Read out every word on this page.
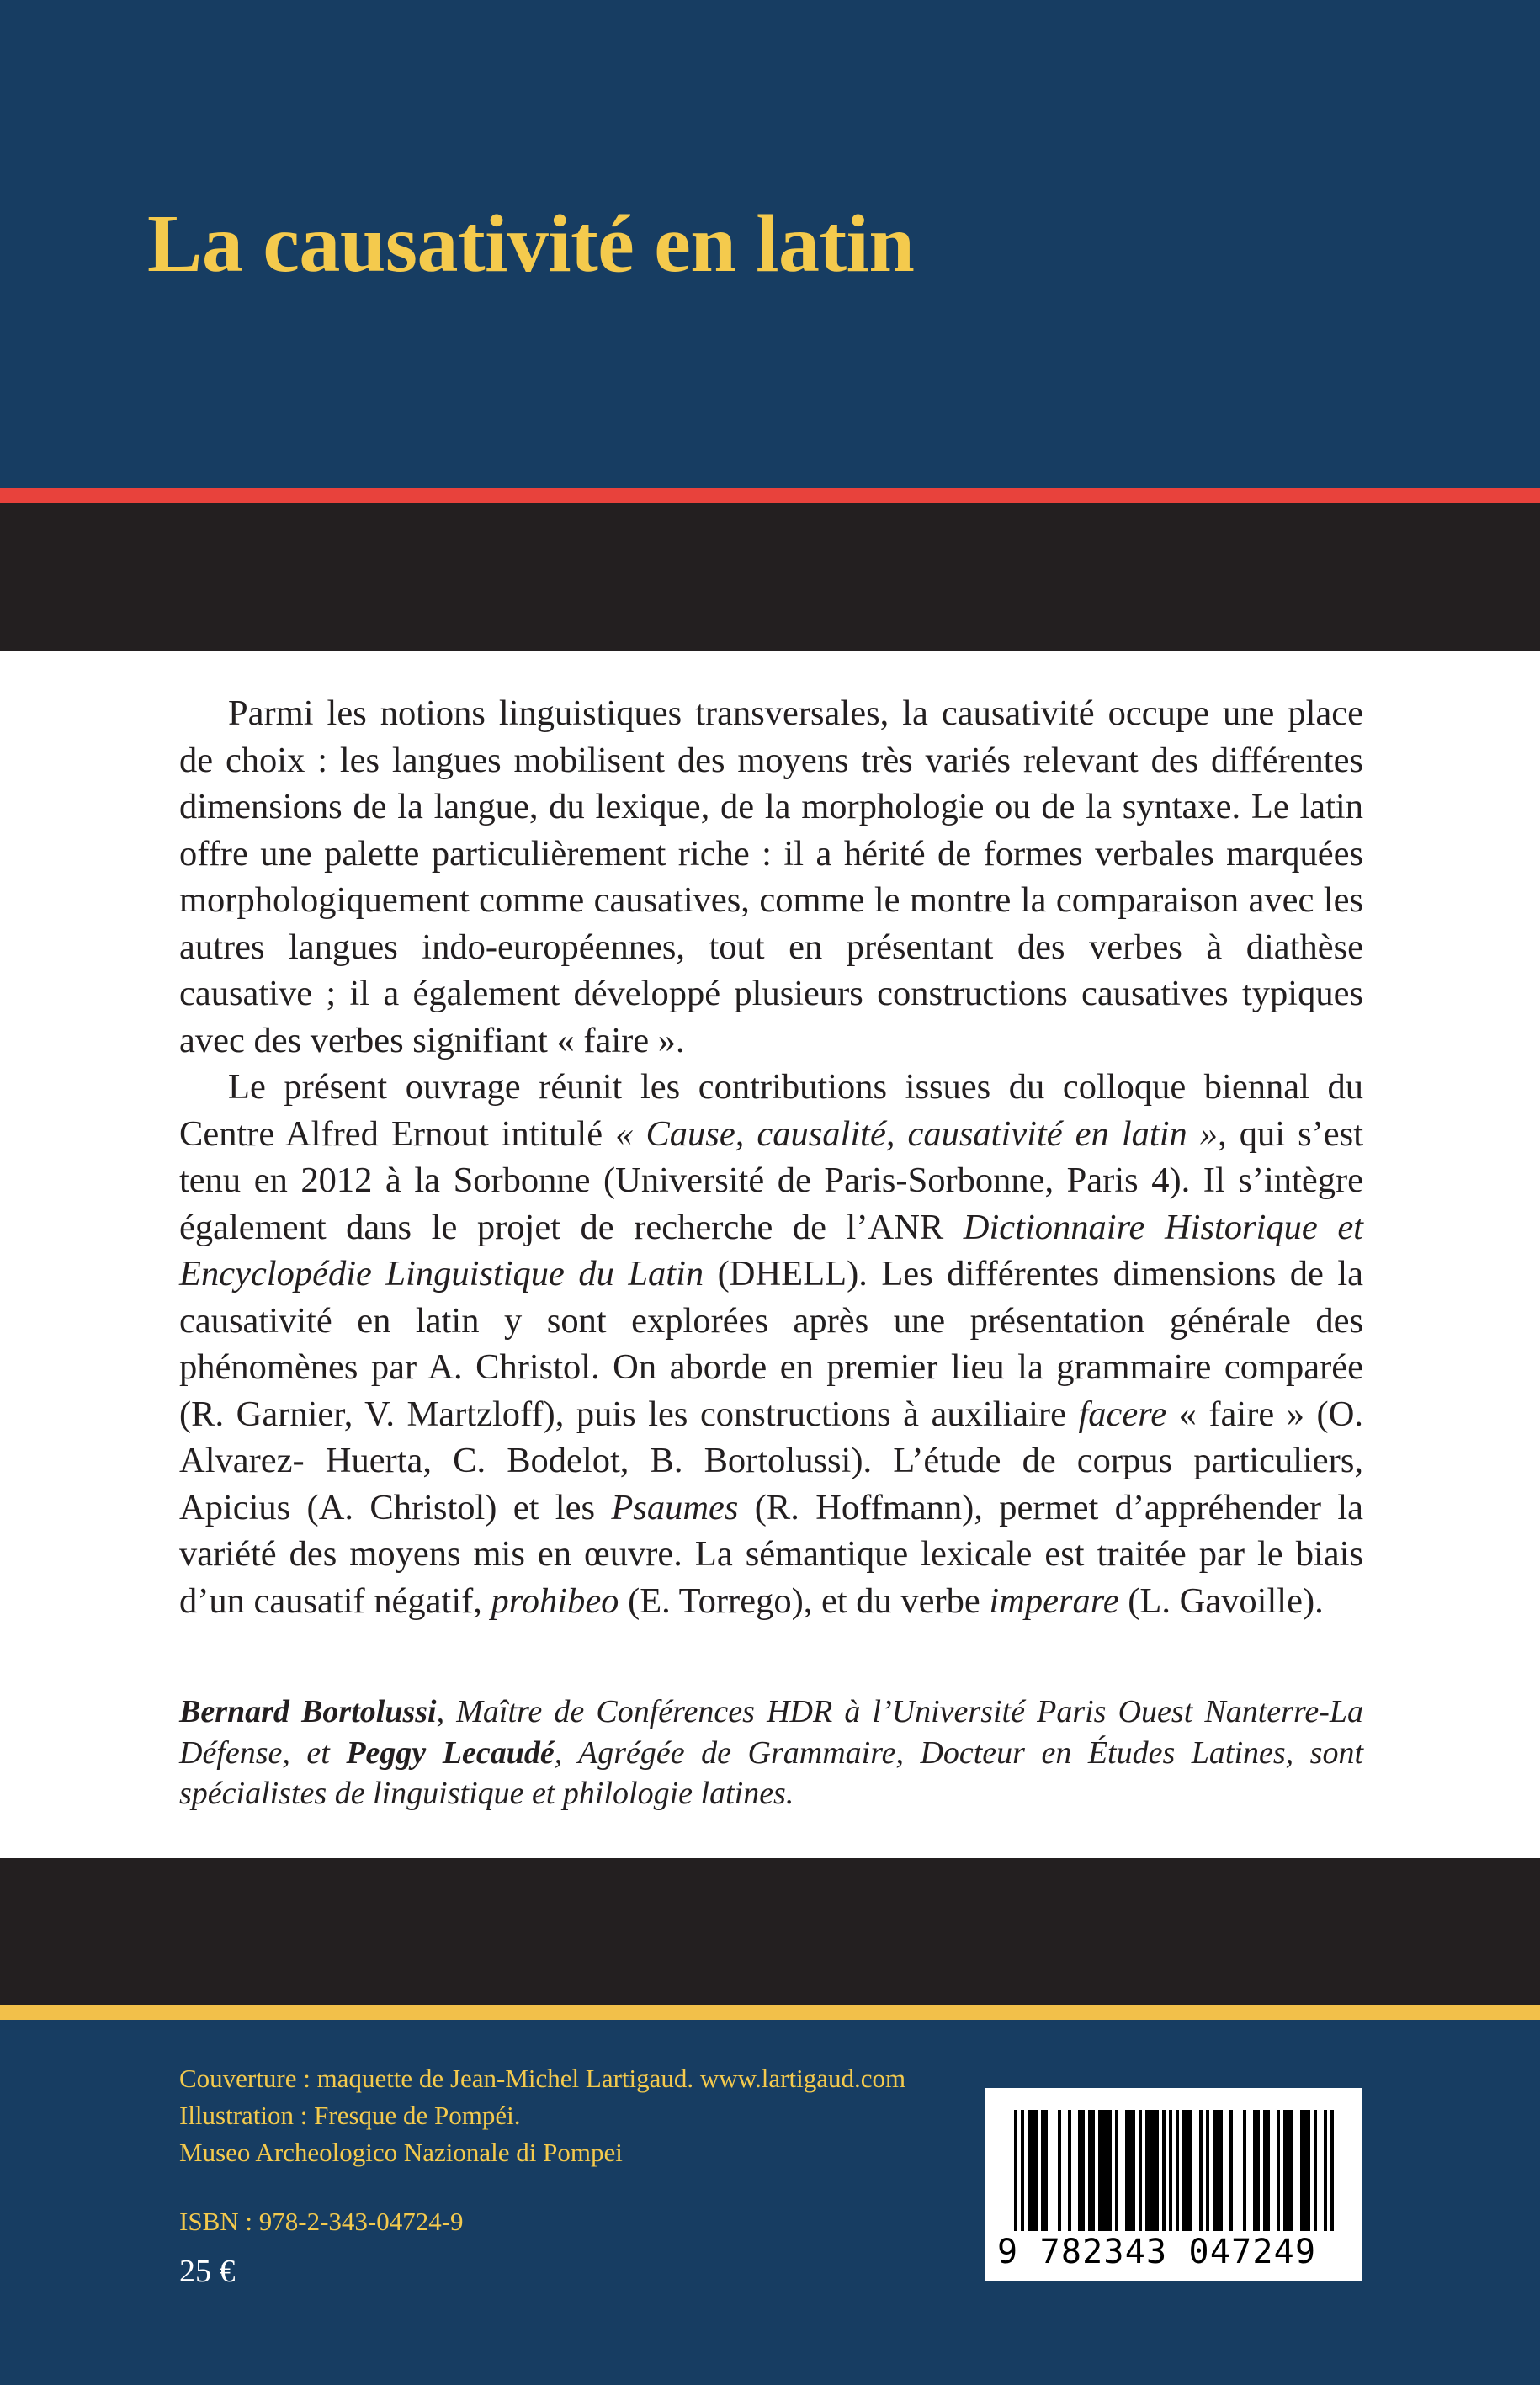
La causativité en latin

Parmi les notions linguistiques transversales, la causativité occupe une place de choix : les langues mobilisent des moyens très variés relevant des différentes dimensions de la langue, du lexique, de la morphologie ou de la syntaxe. Le latin offre une palette particulièrement riche : il a hérité de formes verbales marquées morphologiquement comme causatives, comme le montre la comparaison avec les autres langues indo-européennes, tout en présentant des verbes à diathèse causative ; il a également développé plusieurs constructions causatives typiques avec des verbes signifiant « faire ».

Le présent ouvrage réunit les contributions issues du colloque biennal du Centre Alfred Ernout intitulé « Cause, causalité, causativité en latin », qui s’est tenu en 2012 à la Sorbonne (Université de Paris-Sorbonne, Paris 4). Il s’intègre également dans le projet de recherche de l’ANR Dictionnaire Historique et Encyclopédie Linguistique du Latin (DHELL). Les différentes dimensions de la causativité en latin y sont explorées après une présentation générale des phénomènes par A. Christol. On aborde en premier lieu la grammaire comparée (R. Garnier, V. Martzloff), puis les constructions à auxiliaire facere « faire » (O. Alvarez- Huerta, C. Bodelot, B. Bortolussi). L’étude de corpus particuliers, Apicius (A. Christol) et les Psaumes (R. Hoffmann), permet d’appréhender la variété des moyens mis en œuvre. La sémantique lexicale est traitée par le biais d’un causatif négatif, prohibeo (E. Torrego), et du verbe imperare (L. Gavoille).

Bernard Bortolussi, Maître de Conférences HDR à l’Université Paris Ouest Nanterre-La Défense, et Peggy Lecaudé, Agrégée de Grammaire, Docteur en Études Latines, sont spécialistes de linguistique et philologie latines.

Couverture : maquette de Jean-Michel Lartigaud. www.lartigaud.com
Illustration : Fresque de Pompéi.
Museo Archeologico Nazionale di Pompei
ISBN : 978-2-343-04724-9
25 €	9 782343 047249
